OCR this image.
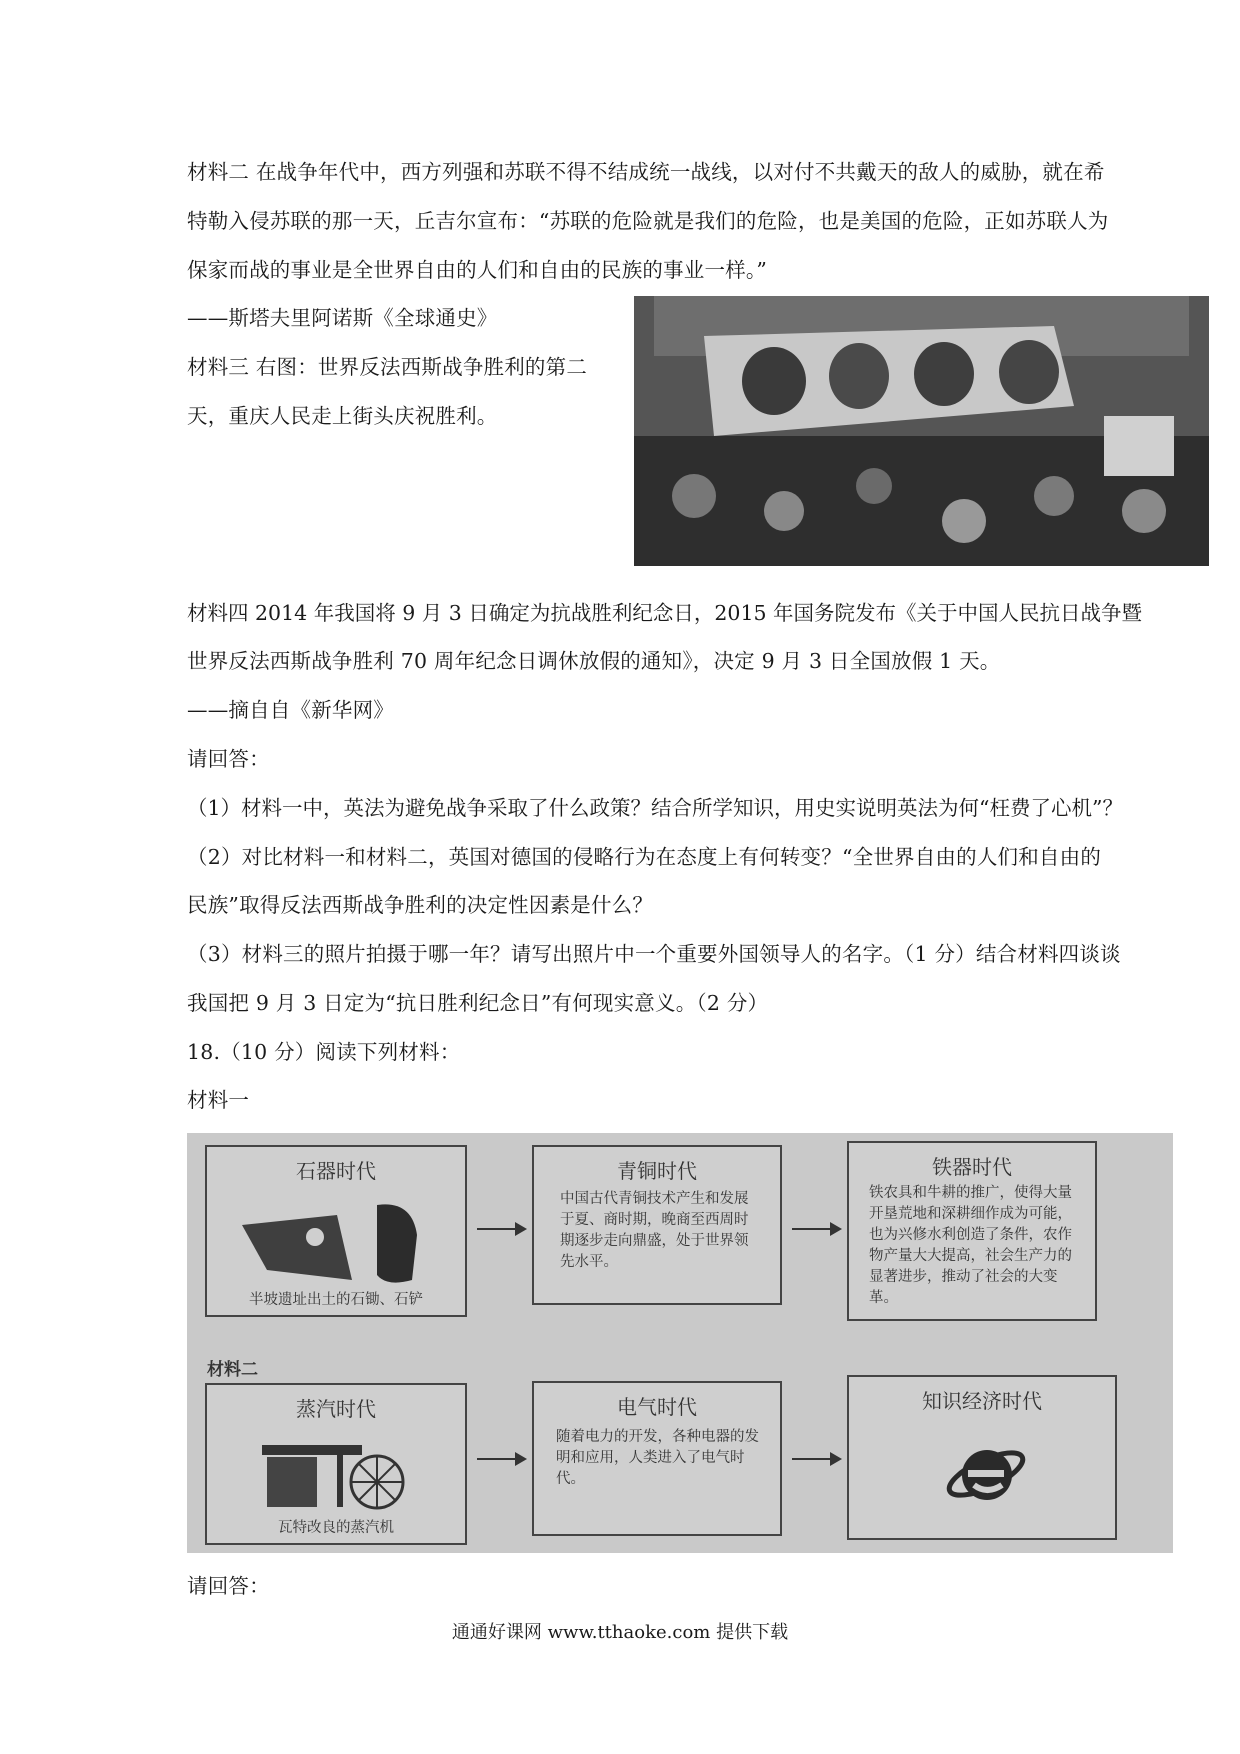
材料二 在战争年代中，西方列强和苏联不得不结成统一战线，以对付不共戴天的敌人的威胁，就在希
特勒入侵苏联的那一天，丘吉尔宣布：“苏联的危险就是我们的危险，也是美国的危险，正如苏联人为
保家而战的事业是全世界自由的人们和自由的民族的事业一样。”
——斯塔夫里阿诺斯《全球通史》
材料三 右图：世界反法西斯战争胜利的第二
天，重庆人民走上街头庆祝胜利。
材料四 2014 年我国将 9 月 3 日确定为抗战胜利纪念日，2015 年国务院发布《关于中国人民抗日战争暨
世界反法西斯战争胜利 70 周年纪念日调休放假的通知》，决定 9 月 3 日全国放假 1 天。
——摘自自《新华网》
请回答：
（1）材料一中，英法为避免战争采取了什么政策？结合所学知识，用史实说明英法为何“枉费了心机”？
（2）对比材料一和材料二，英国对德国的侵略行为在态度上有何转变？“全世界自由的人们和自由的
民族”取得反法西斯战争胜利的决定性因素是什么？
（3）材料三的照片拍摄于哪一年？请写出照片中一个重要外国领导人的名字。（1 分）结合材料四谈谈
我国把 9 月 3 日定为“抗日胜利纪念日”有何现实意义。（2 分）
18.（10 分）阅读下列材料：
材料一
石器时代
半坡遗址出土的石锄、石铲
青铜时代
中国古代青铜技术产生和发展于夏、商时期，晚商至西周时期逐步走向鼎盛，处于世界领先水平。
铁器时代
铁农具和牛耕的推广，使得大量开垦荒地和深耕细作成为可能，也为兴修水利创造了条件，农作物产量大大提高，社会生产力的显著进步，推动了社会的大变革。
材料二
蒸汽时代
瓦特改良的蒸汽机
电气时代
随着电力的开发，各种电器的发明和应用，人类进入了电气时代。
知识经济时代
请回答：
通通好课网 www.tthaoke.com 提供下载
